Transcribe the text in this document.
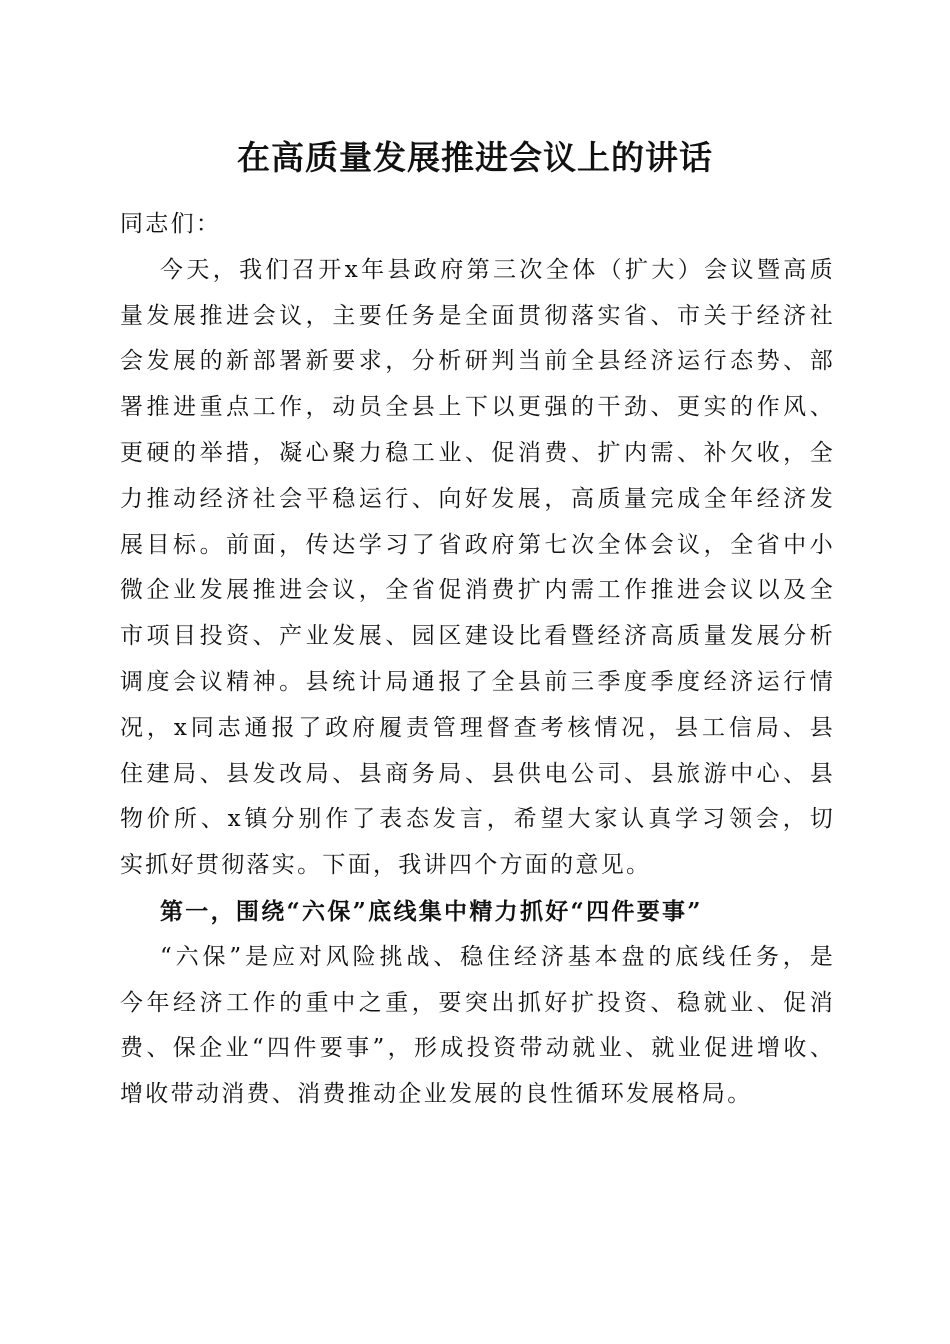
在高质量发展推进会议上的讲话
同志们：
今天，我们召开x年县政府第三次全体（扩大）会议暨高质
量发展推进会议，主要任务是全面贯彻落实省、市关于经济社
会发展的新部署新要求，分析研判当前全县经济运行态势、部
署推进重点工作，动员全县上下以更强的干劲、更实的作风、
更硬的举措，凝心聚力稳工业、促消费、扩内需、补欠收，全
力推动经济社会平稳运行、向好发展，高质量完成全年经济发
展目标。前面，传达学习了省政府第七次全体会议，全省中小
微企业发展推进会议，全省促消费扩内需工作推进会议以及全
市项目投资、产业发展、园区建设比看暨经济高质量发展分析
调度会议精神。县统计局通报了全县前三季度季度经济运行情
况，x同志通报了政府履责管理督查考核情况，县工信局、县
住建局、县发改局、县商务局、县供电公司、县旅游中心、县
物价所、x镇分别作了表态发言，希望大家认真学习领会，切
实抓好贯彻落实。下面，我讲四个方面的意见。
第一，围绕“六保”底线集中精力抓好“四件要事”
“六保”是应对风险挑战、稳住经济基本盘的底线任务，是
今年经济工作的重中之重，要突出抓好扩投资、稳就业、促消
费、保企业“四件要事”，形成投资带动就业、就业促进增收、
增收带动消费、消费推动企业发展的良性循环发展格局。
